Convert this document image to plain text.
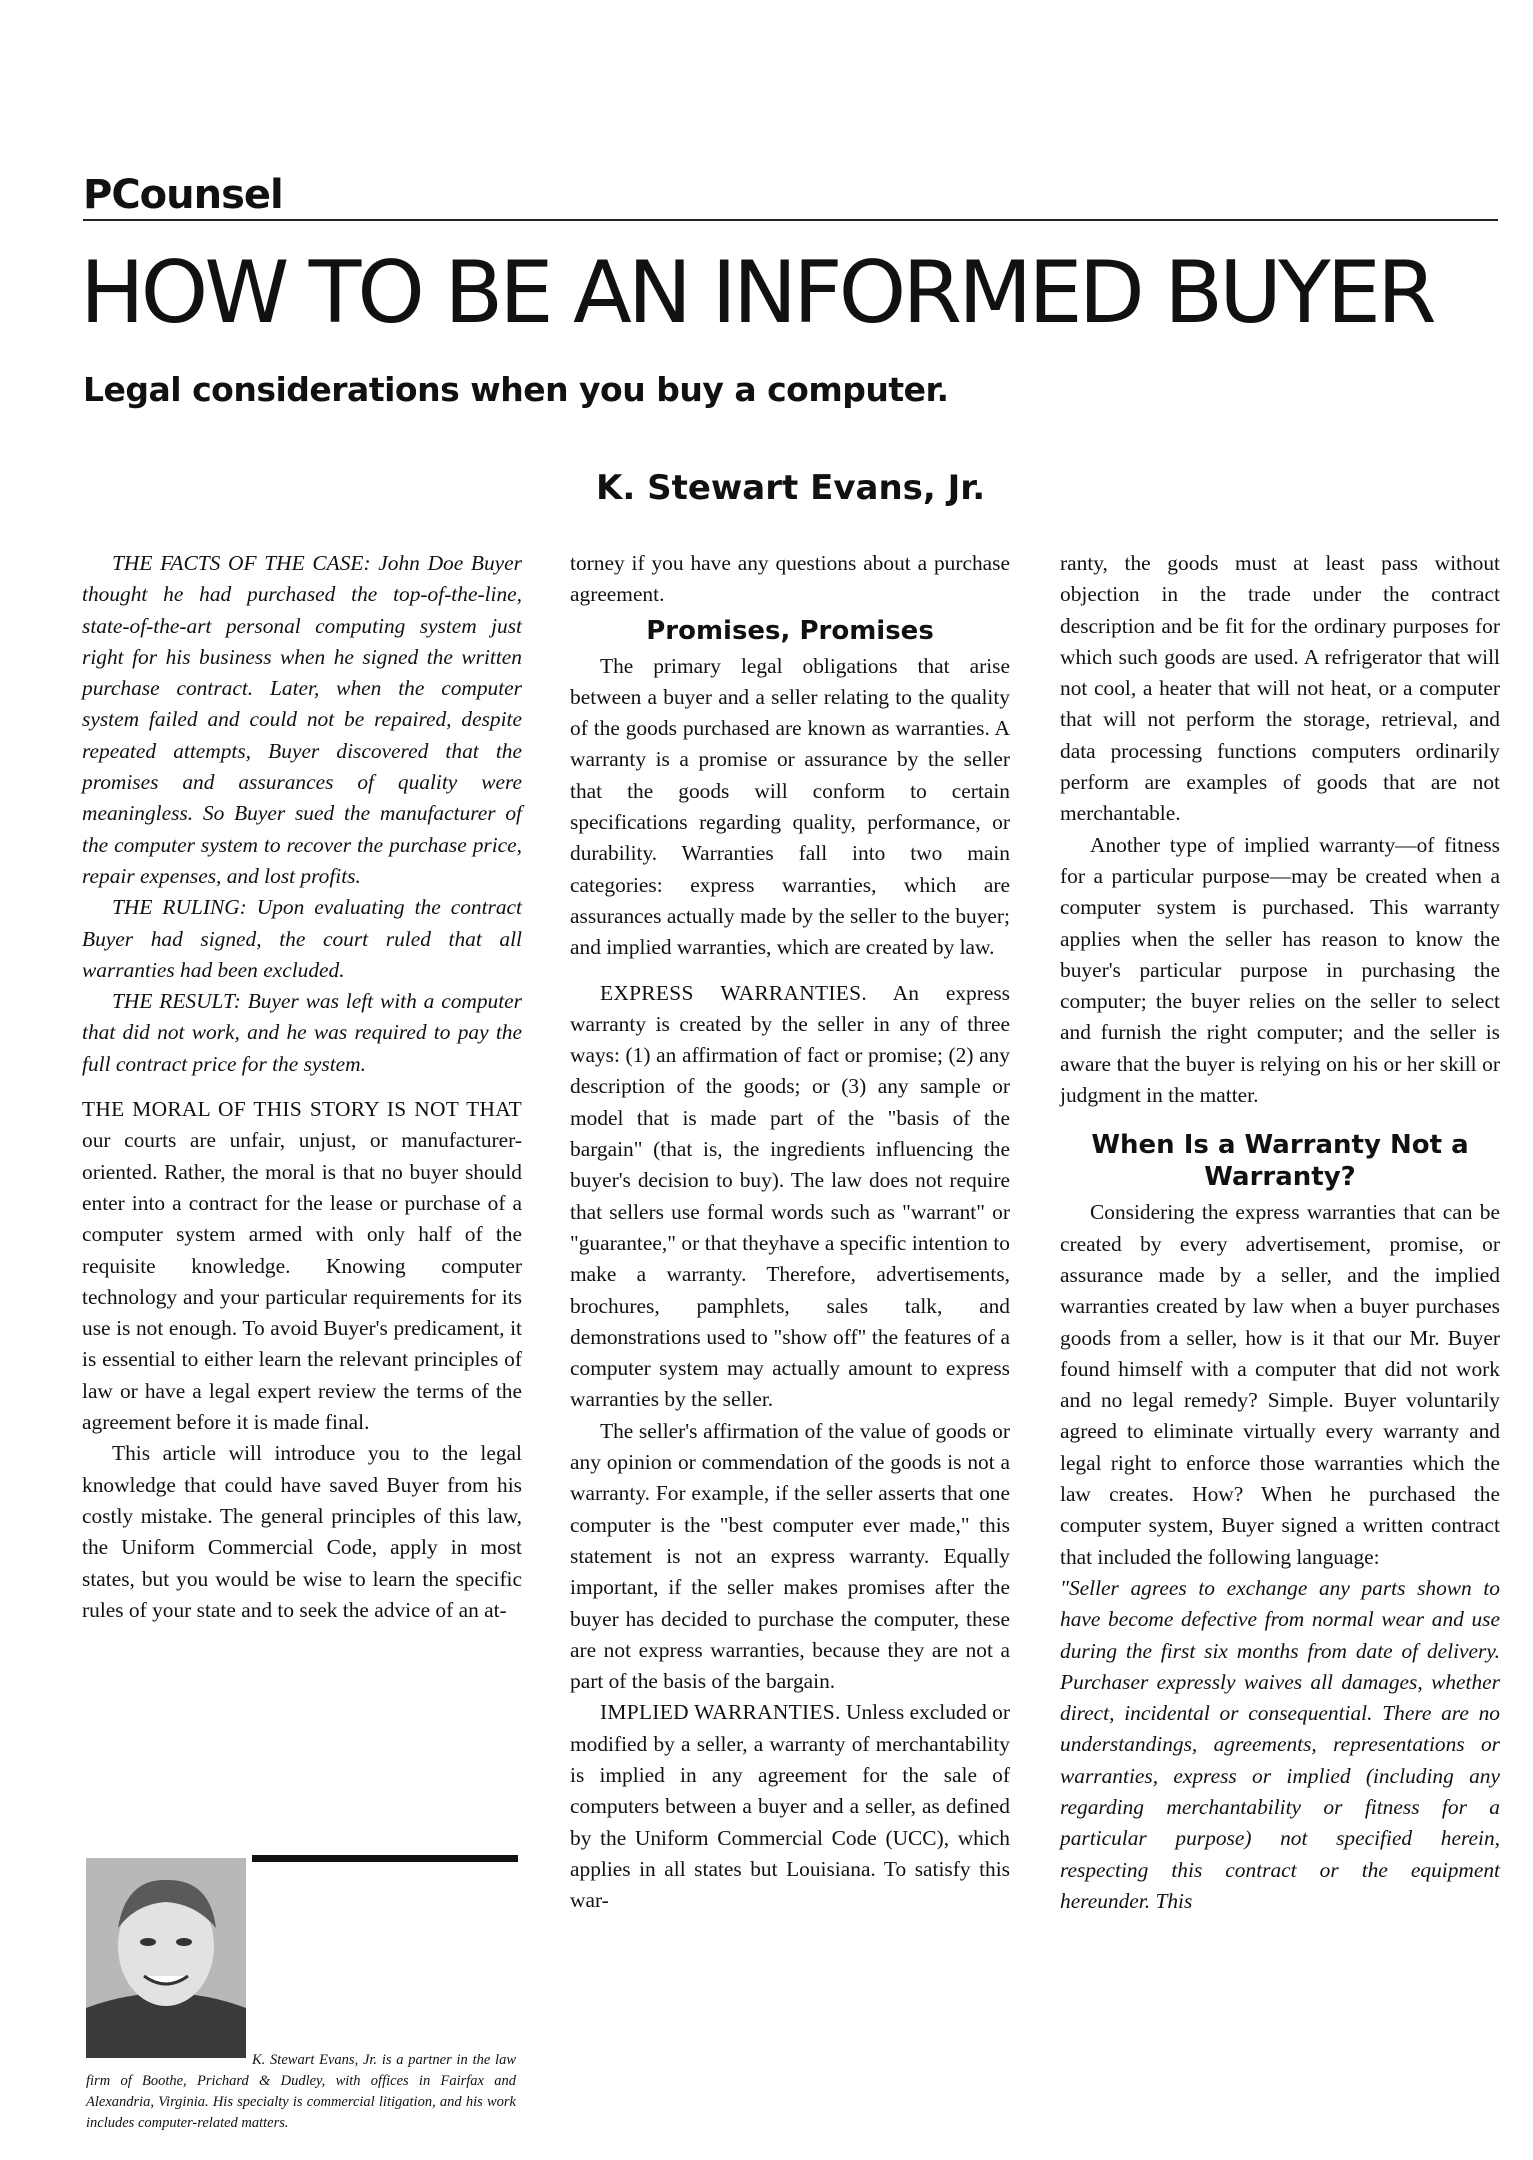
PCounsel
HOW TO BE AN INFORMED BUYER
Legal considerations when you buy a computer.
K. Stewart Evans, Jr.

THE FACTS OF THE CASE: John Doe Buyer thought he had purchased the top-of-the-line, state-of-the-art personal computing system just right for his business when he signed the written purchase contract. Later, when the computer system failed and could not be repaired, despite repeated attempts, Buyer discovered that the promises and assurances of quality were meaningless. So Buyer sued the manufacturer of the computer system to recover the purchase price, repair expenses, and lost profits.

THE RULING: Upon evaluating the contract Buyer had signed, the court ruled that all warranties had been excluded.

THE RESULT: Buyer was left with a computer that did not work, and he was required to pay the full contract price for the system.

THE MORAL OF THIS STORY IS NOT THAT our courts are unfair, unjust, or manufacturer-oriented. Rather, the moral is that no buyer should enter into a contract for the lease or purchase of a computer system armed with only half of the requisite knowledge. Knowing computer technology and your particular requirements for its use is not enough. To avoid Buyer's predicament, it is essential to either learn the relevant principles of law or have a legal expert review the terms of the agreement before it is made final.

This article will introduce you to the legal knowledge that could have saved Buyer from his costly mistake. The general principles of this law, the Uniform Commercial Code, apply in most states, but you would be wise to learn the specific rules of your state and to seek the advice of an at-

torney if you have any questions about a purchase agreement.

Promises, Promises

The primary legal obligations that arise between a buyer and a seller relating to the quality of the goods purchased are known as warranties. A warranty is a promise or assurance by the seller that the goods will conform to certain specifications regarding quality, performance, or durability. Warranties fall into two main categories: express warranties, which are assurances actually made by the seller to the buyer; and implied warranties, which are created by law.

EXPRESS WARRANTIES. An express warranty is created by the seller in any of three ways: (1) an affirmation of fact or promise; (2) any description of the goods; or (3) any sample or model that is made part of the "basis of the bargain" (that is, the ingredients influencing the buyer's decision to buy). The law does not require that sellers use formal words such as "warrant" or "guarantee," or that theyhave a specific intention to make a warranty. Therefore, advertisements, brochures, pamphlets, sales talk, and demonstrations used to "show off" the features of a computer system may actually amount to express warranties by the seller.

The seller's affirmation of the value of goods or any opinion or commendation of the goods is not a warranty. For example, if the seller asserts that one computer is the "best computer ever made," this statement is not an express warranty. Equally important, if the seller makes promises after the buyer has decided to purchase the computer, these are not express warranties, because they are not a part of the basis of the bargain.

IMPLIED WARRANTIES. Unless excluded or modified by a seller, a warranty of merchantability is implied in any agreement for the sale of computers between a buyer and a seller, as defined by the Uniform Commercial Code (UCC), which applies in all states but Louisiana. To satisfy this war-

ranty, the goods must at least pass without objection in the trade under the contract description and be fit for the ordinary purposes for which such goods are used. A refrigerator that will not cool, a heater that will not heat, or a computer that will not perform the storage, retrieval, and data processing functions computers ordinarily perform are examples of goods that are not merchantable.

Another type of implied warranty—of fitness for a particular purpose—may be created when a computer system is purchased. This warranty applies when the seller has reason to know the buyer's particular purpose in purchasing the computer; the buyer relies on the seller to select and furnish the right computer; and the seller is aware that the buyer is relying on his or her skill or judgment in the matter.

When Is a Warranty Not a Warranty?

Considering the express warranties that can be created by every advertisement, promise, or assurance made by a seller, and the implied warranties created by law when a buyer purchases goods from a seller, how is it that our Mr. Buyer found himself with a computer that did not work and no legal remedy? Simple. Buyer voluntarily agreed to eliminate virtually every warranty and legal right to enforce those warranties which the law creates. How? When he purchased the computer system, Buyer signed a written contract that included the following language:

"Seller agrees to exchange any parts shown to have become defective from normal wear and use during the first six months from date of delivery. Purchaser expressly waives all damages, whether direct, incidental or consequential. There are no understandings, agreements, representations or warranties, express or implied (including any regarding merchantability or fitness for a particular purpose) not specified herein, respecting this contract or the equipment hereunder. This

K. Stewart Evans, Jr. is a partner in the law firm of Boothe, Prichard & Dudley, with offices in Fairfax and Alexandria, Virginia. His specialty is commercial litigation, and his work includes computer-related matters.
